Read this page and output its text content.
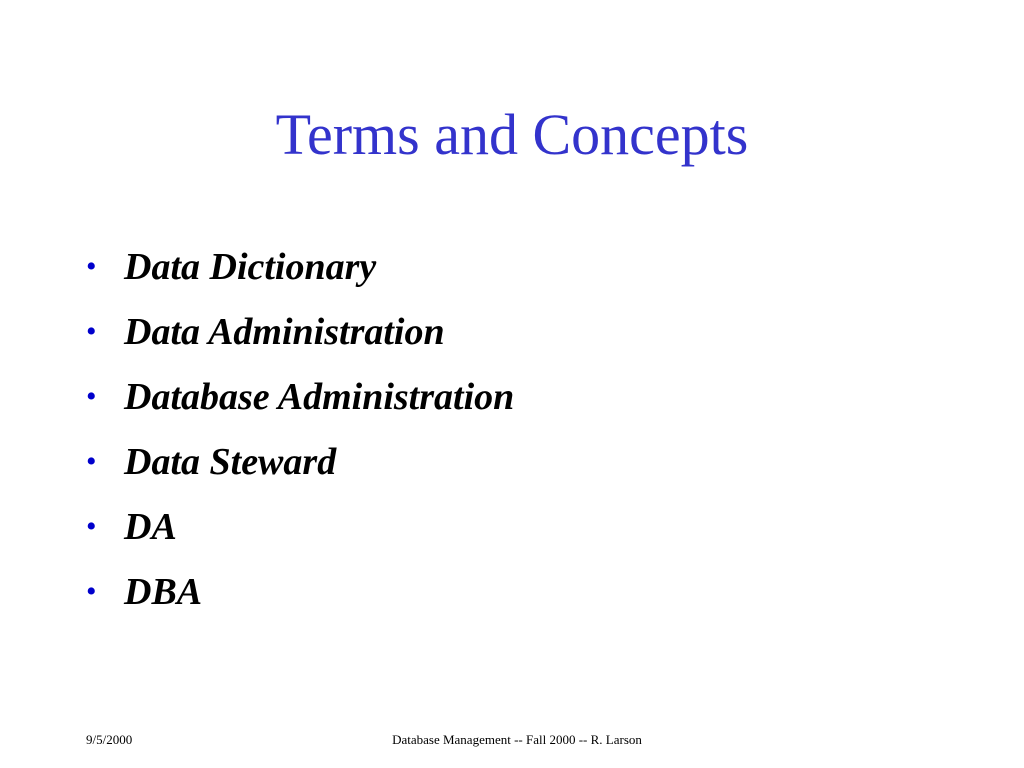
Terms and Concepts
• Data Dictionary
• Data Administration
• Database Administration
• Data Steward
• DA
• DBA
9/5/2000	Database Management -- Fall 2000 -- R. Larson
